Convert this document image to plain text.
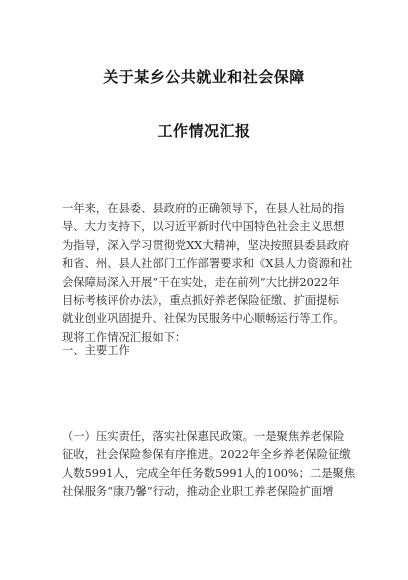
关于某乡公共就业和社会保障
工作情况汇报
一年来，在县委、县政府的正确领导下，在县人社局的指
导、大力支持下，以习近平新时代中国特色社会主义思想
为指导，深入学习贯彻党XX大精神，坚决按照县委县政府
和省、州、县人社部门工作部署要求和《X县人力资源和社
会保障局深入开展“干在实处，走在前列”大比拼2022年
目标考核评价办法》，重点抓好养老保险征缴、扩面提标
就业创业巩固提升、社保为民服务中心顺畅运行等工作。
现将工作情况汇报如下：
一、主要工作
（一）压实责任，落实社保惠民政策。一是聚焦养老保险
征收，社会保险参保有序推进。2022年全乡养老保险征缴
人数5991人，完成全年任务数5991人的100%；二是聚焦
社保服务“康乃馨”行动，推动企业职工养老保险扩面增
